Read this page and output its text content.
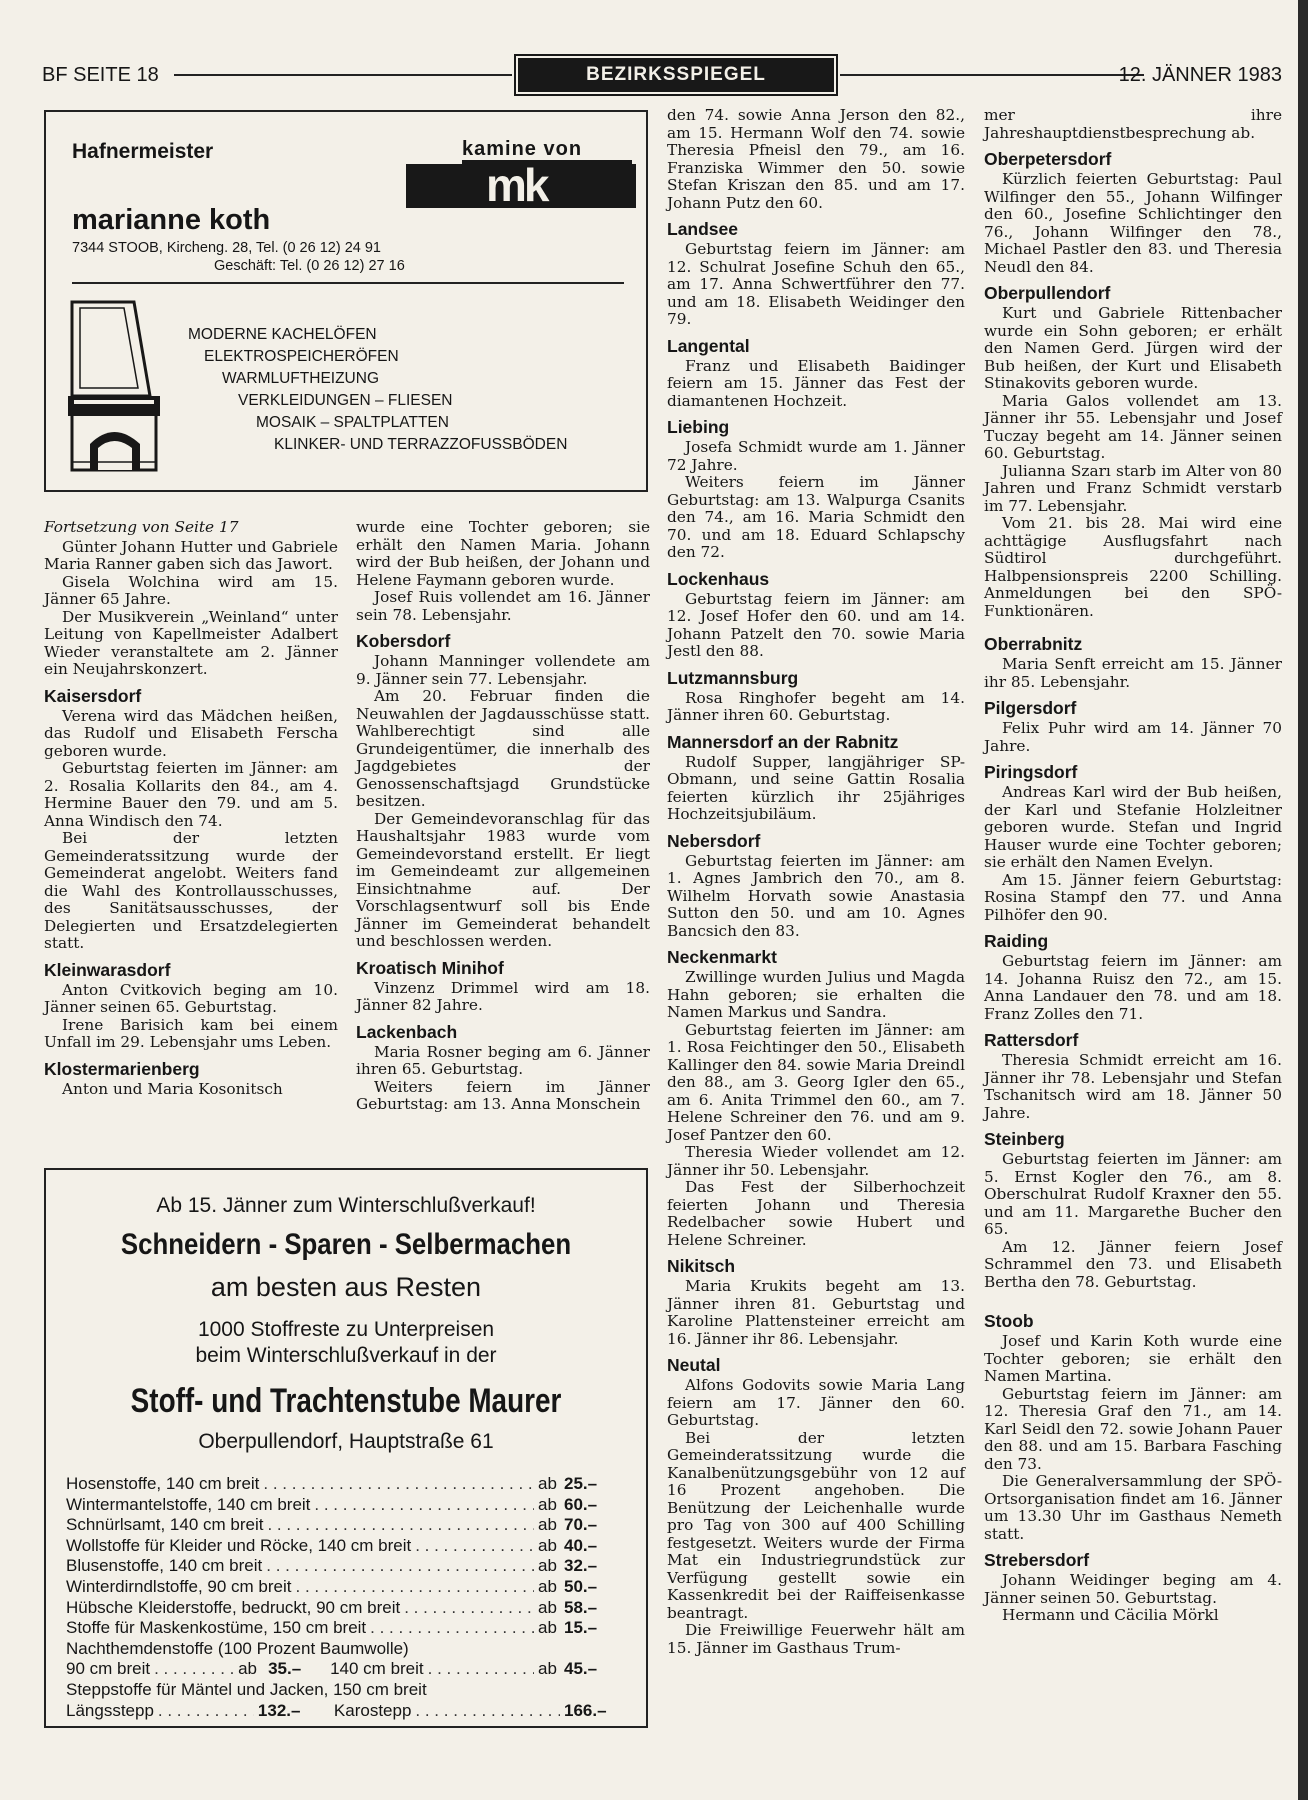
BF SEITE 18	BEZIRKSSPIEGEL	12. JÄNNER 1983
Hafnermeister
marianne koth
7344 STOOB, Kircheng. 28, Tel. (0 26 12) 24 91
Geschäft: Tel. (0 26 12) 27 16
kamine von
mk
MODERNE KACHELÖFEN
ELEKTROSPEICHERÖFEN
WARMLUFTHEIZUNG
VERKLEIDUNGEN – FLIESEN
MOSAIK – SPALTPLATTEN
KLINKER- UND TERRAZZOFUSSBÖDEN

Fortsetzung von Seite 17

Günter Johann Hutter und Gabriele Maria Ranner gaben sich das Jawort.

Gisela Wolchina wird am 15. Jänner 65 Jahre.

Der Musikverein „Weinland“ unter Leitung von Kapellmeister Adalbert Wieder veranstaltete am 2. Jänner ein Neujahrskonzert.

Kaisersdorf

Verena wird das Mädchen heißen, das Rudolf und Elisabeth Ferscha geboren wurde.

Geburtstag feierten im Jänner: am 2. Rosalia Kollarits den 84., am 4. Hermine Bauer den 79. und am 5. Anna Windisch den 74.

Bei der letzten Gemeinderatssitzung wurde der Gemeinderat angelobt. Weiters fand die Wahl des Kontrollausschusses, des Sanitätsausschusses, der Delegierten und Ersatzdelegierten statt.

Kleinwarasdorf

Anton Cvitkovich beging am 10. Jänner seinen 65. Geburtstag.

Irene Barisich kam bei einem Unfall im 29. Lebensjahr ums Leben.

Klostermarienberg

Anton und Maria Kosonitsch

wurde eine Tochter geboren; sie erhält den Namen Maria. Johann wird der Bub heißen, der Johann und Helene Faymann geboren wurde.

Josef Ruis vollendet am 16. Jänner sein 78. Lebensjahr.

Kobersdorf

Johann Manninger vollendete am 9. Jänner sein 77. Lebensjahr.

Am 20. Februar finden die Neuwahlen der Jagdausschüsse statt. Wahlberechtigt sind alle Grundeigentümer, die innerhalb des Jagdgebietes der Genossenschaftsjagd Grundstücke besitzen.

Der Gemeindevoranschlag für das Haushaltsjahr 1983 wurde vom Gemeindevorstand erstellt. Er liegt im Gemeindeamt zur allgemeinen Einsichtnahme auf. Der Vorschlagsentwurf soll bis Ende Jänner im Gemeinderat behandelt und beschlossen werden.

Kroatisch Minihof

Vinzenz Drimmel wird am 18. Jänner 82 Jahre.

Lackenbach

Maria Rosner beging am 6. Jänner ihren 65. Geburtstag.

Weiters feiern im Jänner Geburtstag: am 13. Anna Monschein

Ab 15. Jänner zum Winterschlußverkauf!
Schneidern - Sparen - Selbermachen
am besten aus Resten
1000 Stoffreste zu Unterpreisen
beim Winterschlußverkauf in der
Stoff- und Trachtenstube Maurer
Oberpullendorf, Hauptstraße 61
Hosenstoffe, 140 cm breit . . .	ab 25.–
Wintermantelstoffe, 140 cm breit . . .	ab 60.–
Schnürlsamt, 140 cm breit . . .	ab 70.–
Wollstoffe für Kleider und Röcke, 140 cm breit . . .	ab 40.–
Blusenstoffe, 140 cm breit . . .	ab 32.–
Winterdirndlstoffe, 90 cm breit . . .	ab 50.–
Hübsche Kleiderstoffe, bedruckt, 90 cm breit . . .	ab 58.–
Stoffe für Maskenkostüme, 150 cm breit . . .	ab 15.–
Nachthemdenstoffe (100 Prozent Baumwolle)
90 cm breit . . .	ab 35.–	140 cm breit . . .	ab 45.–
Steppstoffe für Mäntel und Jacken, 150 cm breit
Längsstepp . . .	132.–	Karostepp . . .	166.–

den 74. sowie Anna Jerson den 82., am 15. Hermann Wolf den 74. sowie Theresia Pfneisl den 79., am 16. Franziska Wimmer den 50. sowie Stefan Kriszan den 85. und am 17. Johann Putz den 60.

Landsee

Geburtstag feiern im Jänner: am 12. Schulrat Josefine Schuh den 65., am 17. Anna Schwertführer den 77. und am 18. Elisabeth Weidinger den 79.

Langental

Franz und Elisabeth Baidinger feiern am 15. Jänner das Fest der diamantenen Hochzeit.

Liebing

Josefa Schmidt wurde am 1. Jänner 72 Jahre.

Weiters feiern im Jänner Geburtstag: am 13. Walpurga Csanits den 74., am 16. Maria Schmidt den 70. und am 18. Eduard Schlapschy den 72.

Lockenhaus

Geburtstag feiern im Jänner: am 12. Josef Hofer den 60. und am 14. Johann Patzelt den 70. sowie Maria Jestl den 88.

Lutzmannsburg

Rosa Ringhofer begeht am 14. Jänner ihren 60. Geburtstag.

Mannersdorf an der Rabnitz

Rudolf Supper, langjähriger SP-Obmann, und seine Gattin Rosalia feierten kürzlich ihr 25jähriges Hochzeitsjubiläum.

Nebersdorf

Geburtstag feierten im Jänner: am 1. Agnes Jambrich den 70., am 8. Wilhelm Horvath sowie Anastasia Sutton den 50. und am 10. Agnes Bancsich den 83.

Neckenmarkt

Zwillinge wurden Julius und Magda Hahn geboren; sie erhalten die Namen Markus und Sandra.

Geburtstag feierten im Jänner: am 1. Rosa Feichtinger den 50., Elisabeth Kallinger den 84. sowie Maria Dreindl den 88., am 3. Georg Igler den 65., am 6. Anita Trimmel den 60., am 7. Helene Schreiner den 76. und am 9. Josef Pantzer den 60.

Theresia Wieder vollendet am 12. Jänner ihr 50. Lebensjahr.

Das Fest der Silberhochzeit feierten Johann und Theresia Redelbacher sowie Hubert und Helene Schreiner.

Nikitsch

Maria Krukits begeht am 13. Jänner ihren 81. Geburtstag und Karoline Plattensteiner erreicht am 16. Jänner ihr 86. Lebensjahr.

Neutal

Alfons Godovits sowie Maria Lang feiern am 17. Jänner den 60. Geburtstag.

Bei der letzten Gemeinderatssitzung wurde die Kanalbenützungsgebühr von 12 auf 16 Prozent angehoben. Die Benützung der Leichenhalle wurde pro Tag von 300 auf 400 Schilling festgesetzt. Weiters wurde der Firma Mat ein Industriegrundstück zur Verfügung gestellt sowie ein Kassenkredit bei der Raiffeisenkasse beantragt.

Die Freiwillige Feuerwehr hält am 15. Jänner im Gasthaus Trum-

mer ihre Jahreshauptdienstbesprechung ab.

Oberpetersdorf

Kürzlich feierten Geburtstag: Paul Wilfinger den 55., Johann Wilfinger den 60., Josefine Schlichtinger den 76., Johann Wilfinger den 78., Michael Pastler den 83. und Theresia Neudl den 84.

Oberpullendorf

Kurt und Gabriele Rittenbacher wurde ein Sohn geboren; er erhält den Namen Gerd. Jürgen wird der Bub heißen, der Kurt und Elisabeth Stinakovits geboren wurde.

Maria Galos vollendet am 13. Jänner ihr 55. Lebensjahr und Josef Tuczay begeht am 14. Jänner seinen 60. Geburtstag.

Julianna Szarı starb im Alter von 80 Jahren und Franz Schmidt verstarb im 77. Lebensjahr.

Vom 21. bis 28. Mai wird eine achttägige Ausflugsfahrt nach Südtirol durchgeführt. Halbpensionspreis 2200 Schilling. Anmeldungen bei den SPÖ-Funktionären.

Oberrabnitz

Maria Senft erreicht am 15. Jänner ihr 85. Lebensjahr.

Pilgersdorf

Felix Puhr wird am 14. Jänner 70 Jahre.

Piringsdorf

Andreas Karl wird der Bub heißen, der Karl und Stefanie Holzleitner geboren wurde. Stefan und Ingrid Hauser wurde eine Tochter geboren; sie erhält den Namen Evelyn.

Am 15. Jänner feiern Geburtstag: Rosina Stampf den 77. und Anna Pilhöfer den 90.

Raiding

Geburtstag feiern im Jänner: am 14. Johanna Ruisz den 72., am 15. Anna Landauer den 78. und am 18. Franz Zolles den 71.

Rattersdorf

Theresia Schmidt erreicht am 16. Jänner ihr 78. Lebensjahr und Stefan Tschanitsch wird am 18. Jänner 50 Jahre.

Steinberg

Geburtstag feierten im Jänner: am 5. Ernst Kogler den 76., am 8. Oberschulrat Rudolf Kraxner den 55. und am 11. Margarethe Bucher den 65.

Am 12. Jänner feiern Josef Schrammel den 73. und Elisabeth Bertha den 78. Geburtstag.

Stoob

Josef und Karin Koth wurde eine Tochter geboren; sie erhält den Namen Martina.

Geburtstag feiern im Jänner: am 12. Theresia Graf den 71., am 14. Karl Seidl den 72. sowie Johann Pauer den 88. und am 15. Barbara Fasching den 73.

Die Generalversammlung der SPÖ-Ortsorganisation findet am 16. Jänner um 13.30 Uhr im Gasthaus Nemeth statt.

Strebersdorf

Johann Weidinger beging am 4. Jänner seinen 50. Geburtstag.

Hermann und Cäcilia Mörkl
